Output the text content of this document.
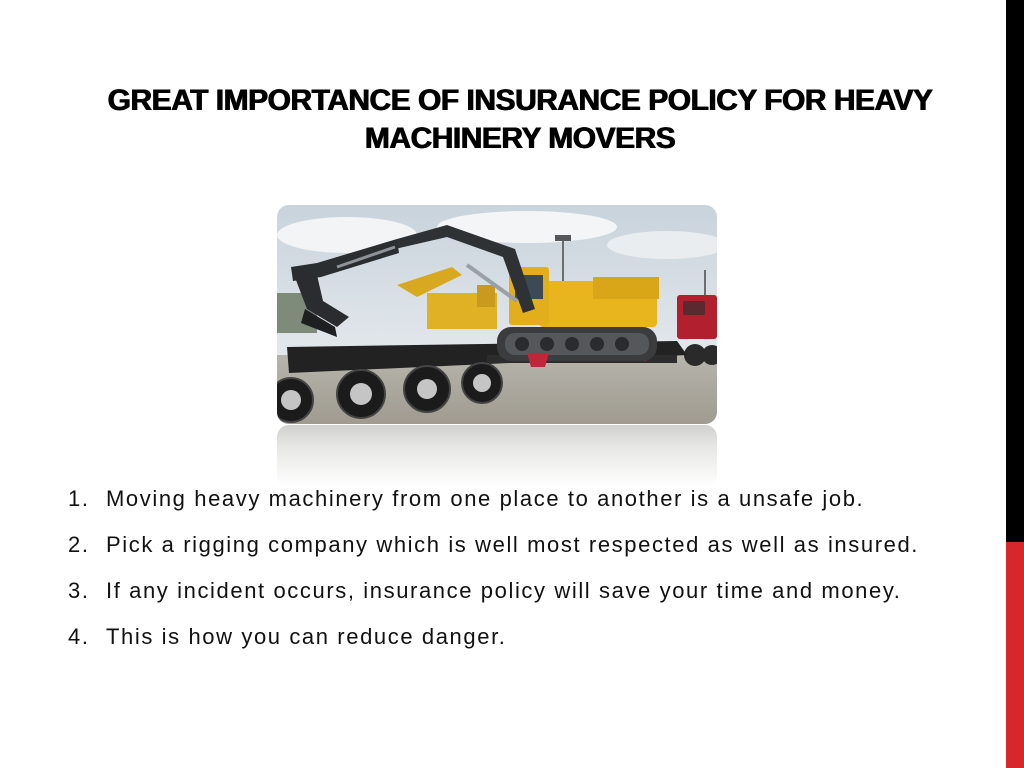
GREAT IMPORTANCE OF INSURANCE POLICY FOR HEAVY MACHINERY MOVERS
1. Moving heavy machinery from one place to another is a unsafe job.
2. Pick a rigging company which is well most respected as well as insured.
3. If any incident occurs, insurance policy will save your time and money.
4. This is how you can reduce danger.
